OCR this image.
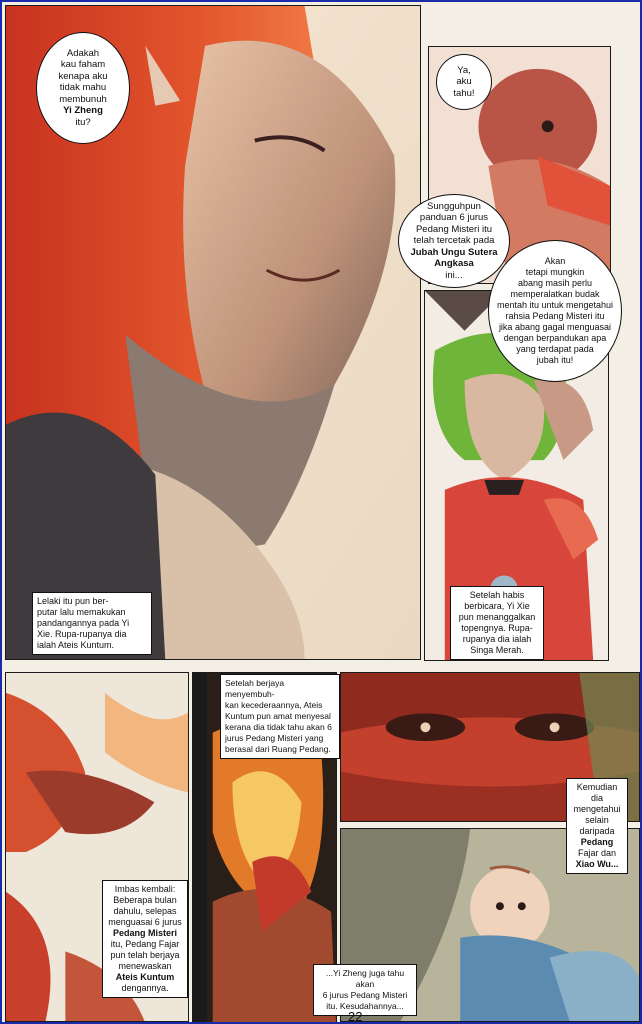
Adakah
kau faham
kenapa aku
tidak mahu
membunuh
Yi Zheng
itu?
Ya,
aku
tahu!
Sungguhpun
panduan 6 jurus
Pedang Misteri itu
telah tercetak pada
Jubah Ungu Sutera
Angkasa
ini...
Akan
tetapi mungkin
abang masih perlu
memperalatkan budak
mentah itu untuk mengetahui
rahsia Pedang Misteri itu
jika abang gagal menguasai
dengan berpandukan apa
yang terdapat pada
jubah itu!
Lelaki itu pun ber-
putar lalu memakukan
pandangannya pada Yi
Xie. Rupa-rupanya dia
ialah Ateis Kuntum.
Setelah habis
berbicara, Yi Xie
pun menanggalkan
topengnya. Rupa-
rupanya dia ialah
Singa Merah.
Setelah berjaya menyembuh-
kan kecederaannya, Ateis
Kuntum pun amat menyesal
kerana dia tidak tahu akan 6
jurus Pedang Misteri yang
berasal dari Ruang Pedang.
Kemudian dia
mengetahui
selain
daripada
Pedang
Fajar dan
Xiao Wu...
Imbas kembali:
Beberapa bulan
dahulu, selepas
menguasai 6 jurus
Pedang Misteri
itu, Pedang Fajar
pun telah berjaya
menewaskan
Ateis Kuntum
dengannya.
...Yi Zheng juga tahu akan
6 jurus Pedang Misteri
itu. Kesudahannya...
22
